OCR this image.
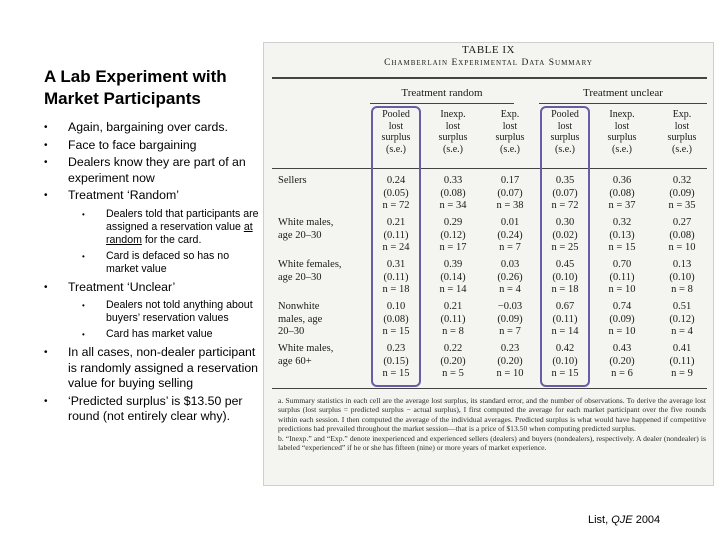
A Lab Experiment with
Market Participants
• Again, bargaining over cards.
• Face to face bargaining
• Dealers know they are part of an experiment now
• Treatment ‘Random’
• Dealers told that participants are assigned a reservation value at random for the card.
• Card is defaced so has no market value
• Treatment ‘Unclear’
• Dealers not told anything about buyers’ reservation values
• Card has market value
• In all cases, non-dealer participant is randomly assigned a reservation value for buying selling
• ‘Predicted surplus’ is $13.50 per round (not entirely clear why).
TABLE IX
Chamberlain Experimental Data Summary
Treatment random	Treatment unclear
Pooled
lost
surplus
(s.e.)
Inexp.
lost
surplus
(s.e.)
Exp.
lost
surplus
(s.e.)
Pooled
lost
surplus
(s.e.)
Inexp.
lost
surplus
(s.e.)
Exp.
lost
surplus
(s.e.)
Sellers	0.24
(0.05)
n = 72
0.33
(0.08)
n = 34
0.17
(0.07)
n = 38
0.35
(0.07)
n = 72
0.36
(0.08)
n = 37
0.32
(0.09)
n = 35
White males,
age 20–30
0.21
(0.11)
n = 24
0.29
(0.12)
n = 17
0.01
(0.24)
n = 7
0.30
(0.02)
n = 25
0.32
(0.13)
n = 15
0.27
(0.08)
n = 10
White females,
age 20–30
0.31
(0.11)
n = 18
0.39
(0.14)
n = 14
0.03
(0.26)
n = 4
0.45
(0.10)
n = 18
0.70
(0.11)
n = 10
0.13
(0.10)
n = 8
Nonwhite
males, age
20–30
0.10
(0.08)
n = 15
0.21
(0.11)
n = 8
−0.03
(0.09)
n = 7
0.67
(0.11)
n = 14
0.74
(0.09)
n = 10
0.51
(0.12)
n = 4
White males,
age 60+
0.23
(0.15)
n = 15
0.22
(0.20)
n = 5
0.23
(0.20)
n = 10
0.42
(0.10)
n = 15
0.43
(0.20)
n = 6
0.41
(0.11)
n = 9

a. Summary statistics in each cell are the average lost surplus, its standard error, and the number of observations. To derive the average lost surplus (lost surplus = predicted surplus − actual surplus), I first computed the average for each market participant over the five rounds within each session. I then computed the average of the individual averages. Predicted surplus is what would have happened if competitive predictions had prevailed throughout the market session—that is a price of $13.50 when computing predicted surplus.

b. “Inexp.” and “Exp.” denote inexperienced and experienced sellers (dealers) and buyers (nondealers), respectively. A dealer (nondealer) is labeled “experienced” if he or she has fifteen (nine) or more years of market experience.

List, QJE 2004
